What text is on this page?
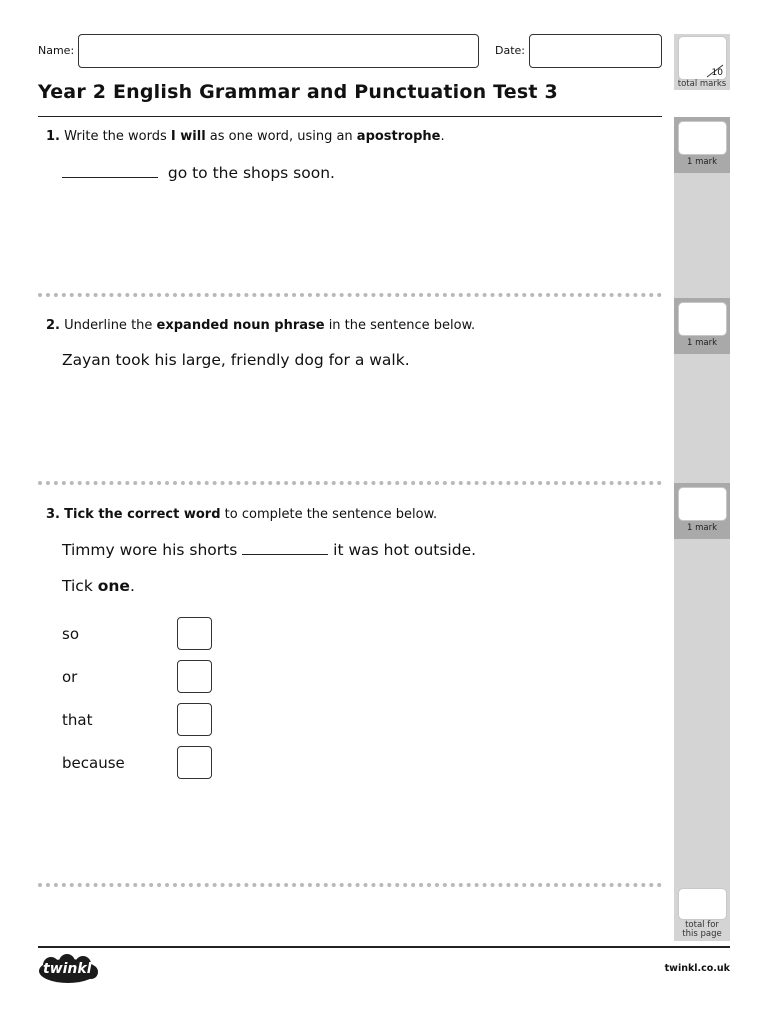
Name:	Date:
Year 2 English Grammar and Punctuation Test 3
10
total marks
1 mark
1 mark
1 mark
total for
this page
1. Write the words I will as one word, using an apostrophe.
go to the shops soon.
2. Underline the expanded noun phrase in the sentence below.
Zayan took his large, friendly dog for a walk.
3. Tick the correct word to complete the sentence below.
Timmy wore his shorts	it was hot outside.
Tick one.
so
or
that
because
twinkl	twinkl.co.uk
